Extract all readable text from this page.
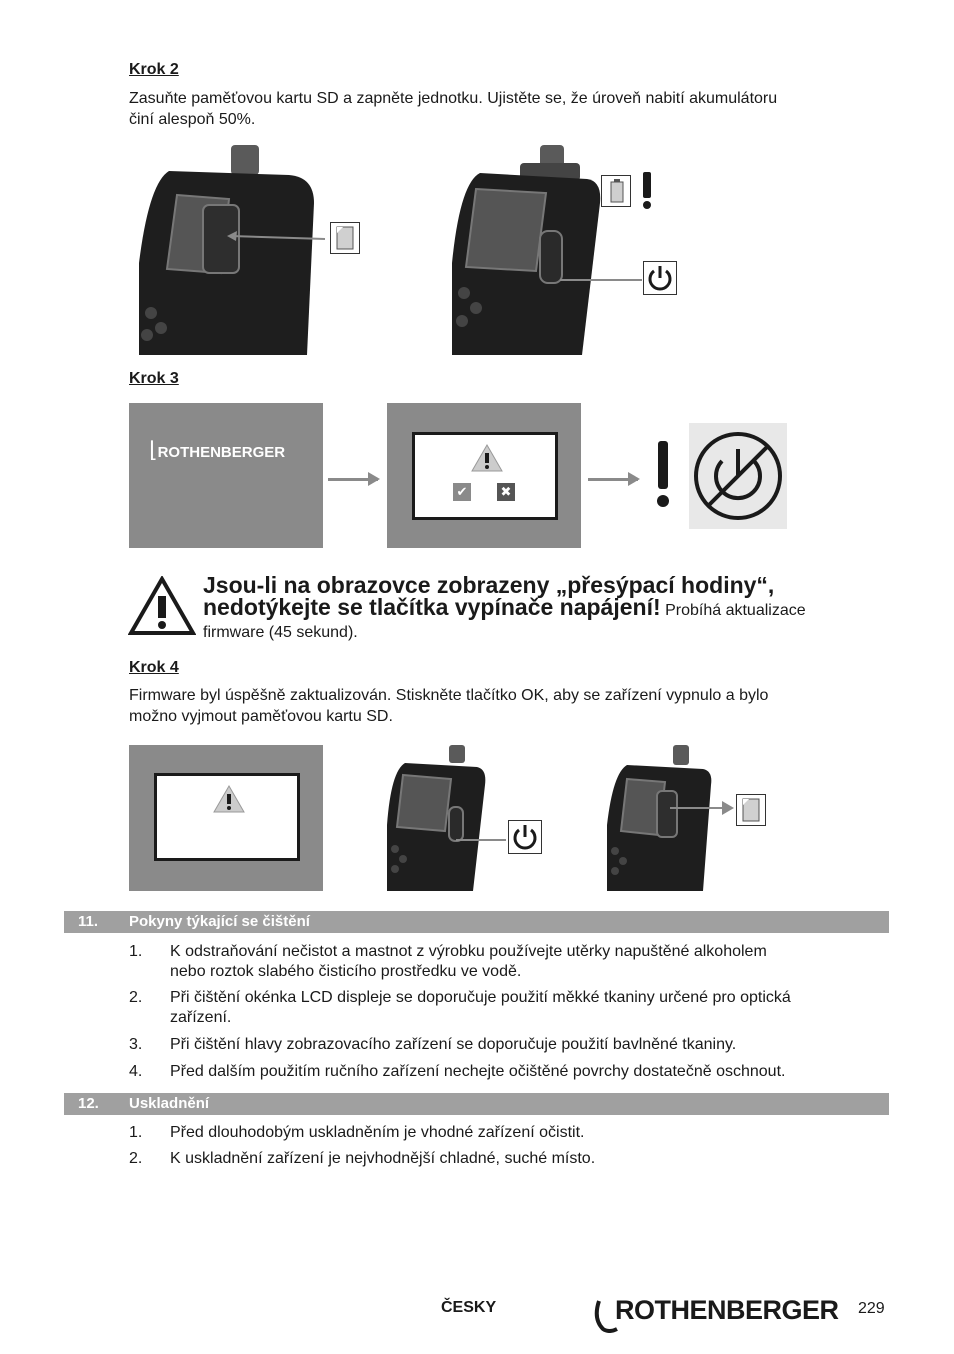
Krok 2
Zasuňte paměťovou kartu SD a zapněte jednotku. Ujistěte se, že úroveň nabití akumulátoru
činí alespoň 50%.
Krok 3
⌊ROTHENBERGER
✔	✖
Jsou-li na obrazovce zobrazeny „přesýpací hodiny“,
nedotýkejte se tlačítka vypínače napájení! Probíhá aktualizace
firmware (45 sekund).
Krok 4
Firmware byl úspěšně zaktualizován. Stiskněte tlačítko OK, aby se zařízení vypnulo a bylo
možno vyjmout paměťovou kartu SD.
11. Pokyny týkající se čištění
1. K odstraňování nečistot a mastnot z výrobku používejte utěrky napuštěné alkoholem
nebo roztok slabého čisticího prostředku ve vodě.
2. Při čištění okénka LCD displeje se doporučuje použití měkké tkaniny určené pro optická
zařízení.
3. Při čištění hlavy zobrazovacího zařízení se doporučuje použití bavlněné tkaniny.
4. Před dalším použitím ručního zařízení nechejte očištěné povrchy dostatečně oschnout.
12. Uskladnění
1. Před dlouhodobým uskladněním je vhodné zařízení očistit.
2. K uskladnění zařízení je nejvhodnější chladné, suché místo.
ČESKY	ROTHENBERGER 229
